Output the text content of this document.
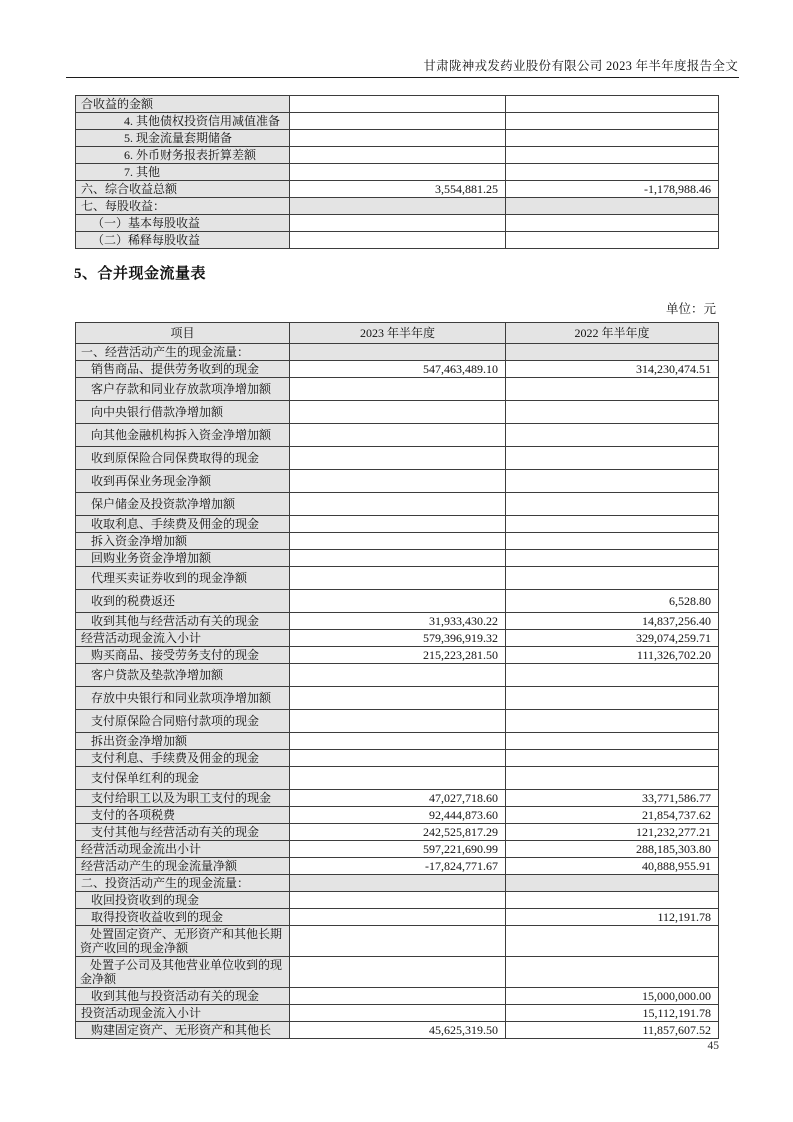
甘肃陇神戎发药业股份有限公司 2023 年半年度报告全文
合收益的金额		
4. 其他债权投资信用减值准备		
5. 现金流量套期储备		
6. 外币财务报表折算差额		
7. 其他		
六、综合收益总额	3,554,881.25	-1,178,988.46
七、每股收益：		
（一）基本每股收益		
（二）稀释每股收益		
5、合并现金流量表
单位：元
项目	2023 年半年度	2022 年半年度
一、经营活动产生的现金流量：		
销售商品、提供劳务收到的现金	547,463,489.10	314,230,474.51
客户存款和同业存放款项净增加额		
向中央银行借款净增加额		
向其他金融机构拆入资金净增加额		
收到原保险合同保费取得的现金		
收到再保业务现金净额		
保户储金及投资款净增加额		
收取利息、手续费及佣金的现金		
拆入资金净增加额		
回购业务资金净增加额		
代理买卖证券收到的现金净额		
收到的税费返还		6,528.80
收到其他与经营活动有关的现金	31,933,430.22	14,837,256.40
经营活动现金流入小计	579,396,919.32	329,074,259.71
购买商品、接受劳务支付的现金	215,223,281.50	111,326,702.20
客户贷款及垫款净增加额		
存放中央银行和同业款项净增加额		
支付原保险合同赔付款项的现金		
拆出资金净增加额		
支付利息、手续费及佣金的现金		
支付保单红利的现金		
支付给职工以及为职工支付的现金	47,027,718.60	33,771,586.77
支付的各项税费	92,444,873.60	21,854,737.62
支付其他与经营活动有关的现金	242,525,817.29	121,232,277.21
经营活动现金流出小计	597,221,690.99	288,185,303.80
经营活动产生的现金流量净额	-17,824,771.67	40,888,955.91
二、投资活动产生的现金流量：		
收回投资收到的现金		
取得投资收益收到的现金		112,191.78
处置固定资产、无形资产和其他长期资产收回的现金净额		
处置子公司及其他营业单位收到的现金净额		
收到其他与投资活动有关的现金		15,000,000.00
投资活动现金流入小计		15,112,191.78
购建固定资产、无形资产和其他长	45,625,319.50	11,857,607.52
45
